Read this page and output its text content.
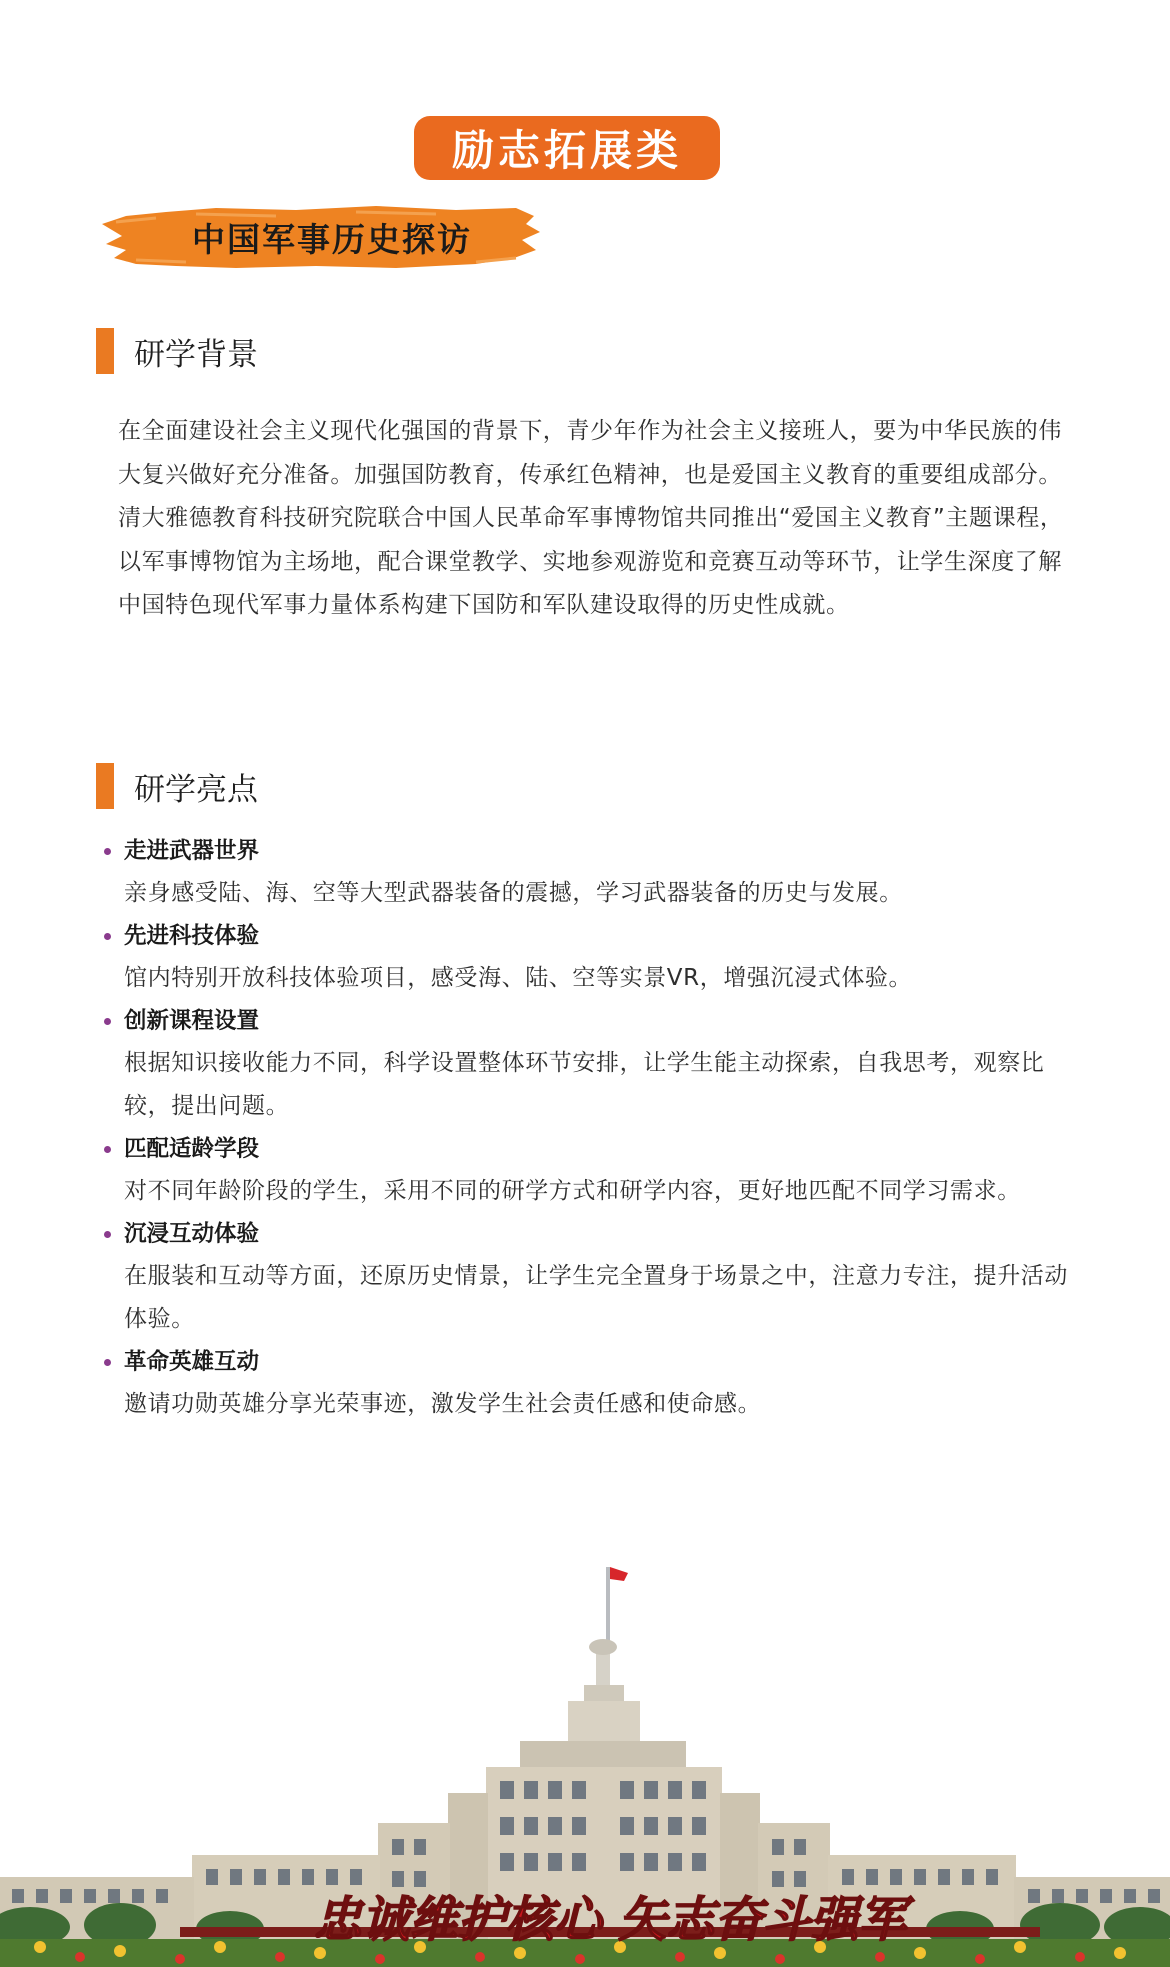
励志拓展类
中国军事历史探访
研学背景
在全面建设社会主义现代化强国的背景下，青少年作为社会主义接班人，要为中华民族的伟大复兴做好充分准备。加强国防教育，传承红色精神，也是爱国主义教育的重要组成部分。清大雅德教育科技研究院联合中国人民革命军事博物馆共同推出“爱国主义教育”主题课程，以军事博物馆为主场地，配合课堂教学、实地参观游览和竞赛互动等环节，让学生深度了解中国特色现代军事力量体系构建下国防和军队建设取得的历史性成就。
研学亮点
走进武器世界
亲身感受陆、海、空等大型武器装备的震撼，学习武器装备的历史与发展。
先进科技体验
馆内特别开放科技体验项目，感受海、陆、空等实景VR，增强沉浸式体验。
创新课程设置
根据知识接收能力不同，科学设置整体环节安排，让学生能主动探索，自我思考，观察比较，提出问题。
匹配适龄学段
对不同年龄阶段的学生，采用不同的研学方式和研学内容，更好地匹配不同学习需求。
沉浸互动体验
在服装和互动等方面，还原历史情景，让学生完全置身于场景之中，注意力专注，提升活动体验。
革命英雄互动
邀请功勋英雄分享光荣事迹，激发学生社会责任感和使命感。
忠诚维护核心 矢志奋斗强军
